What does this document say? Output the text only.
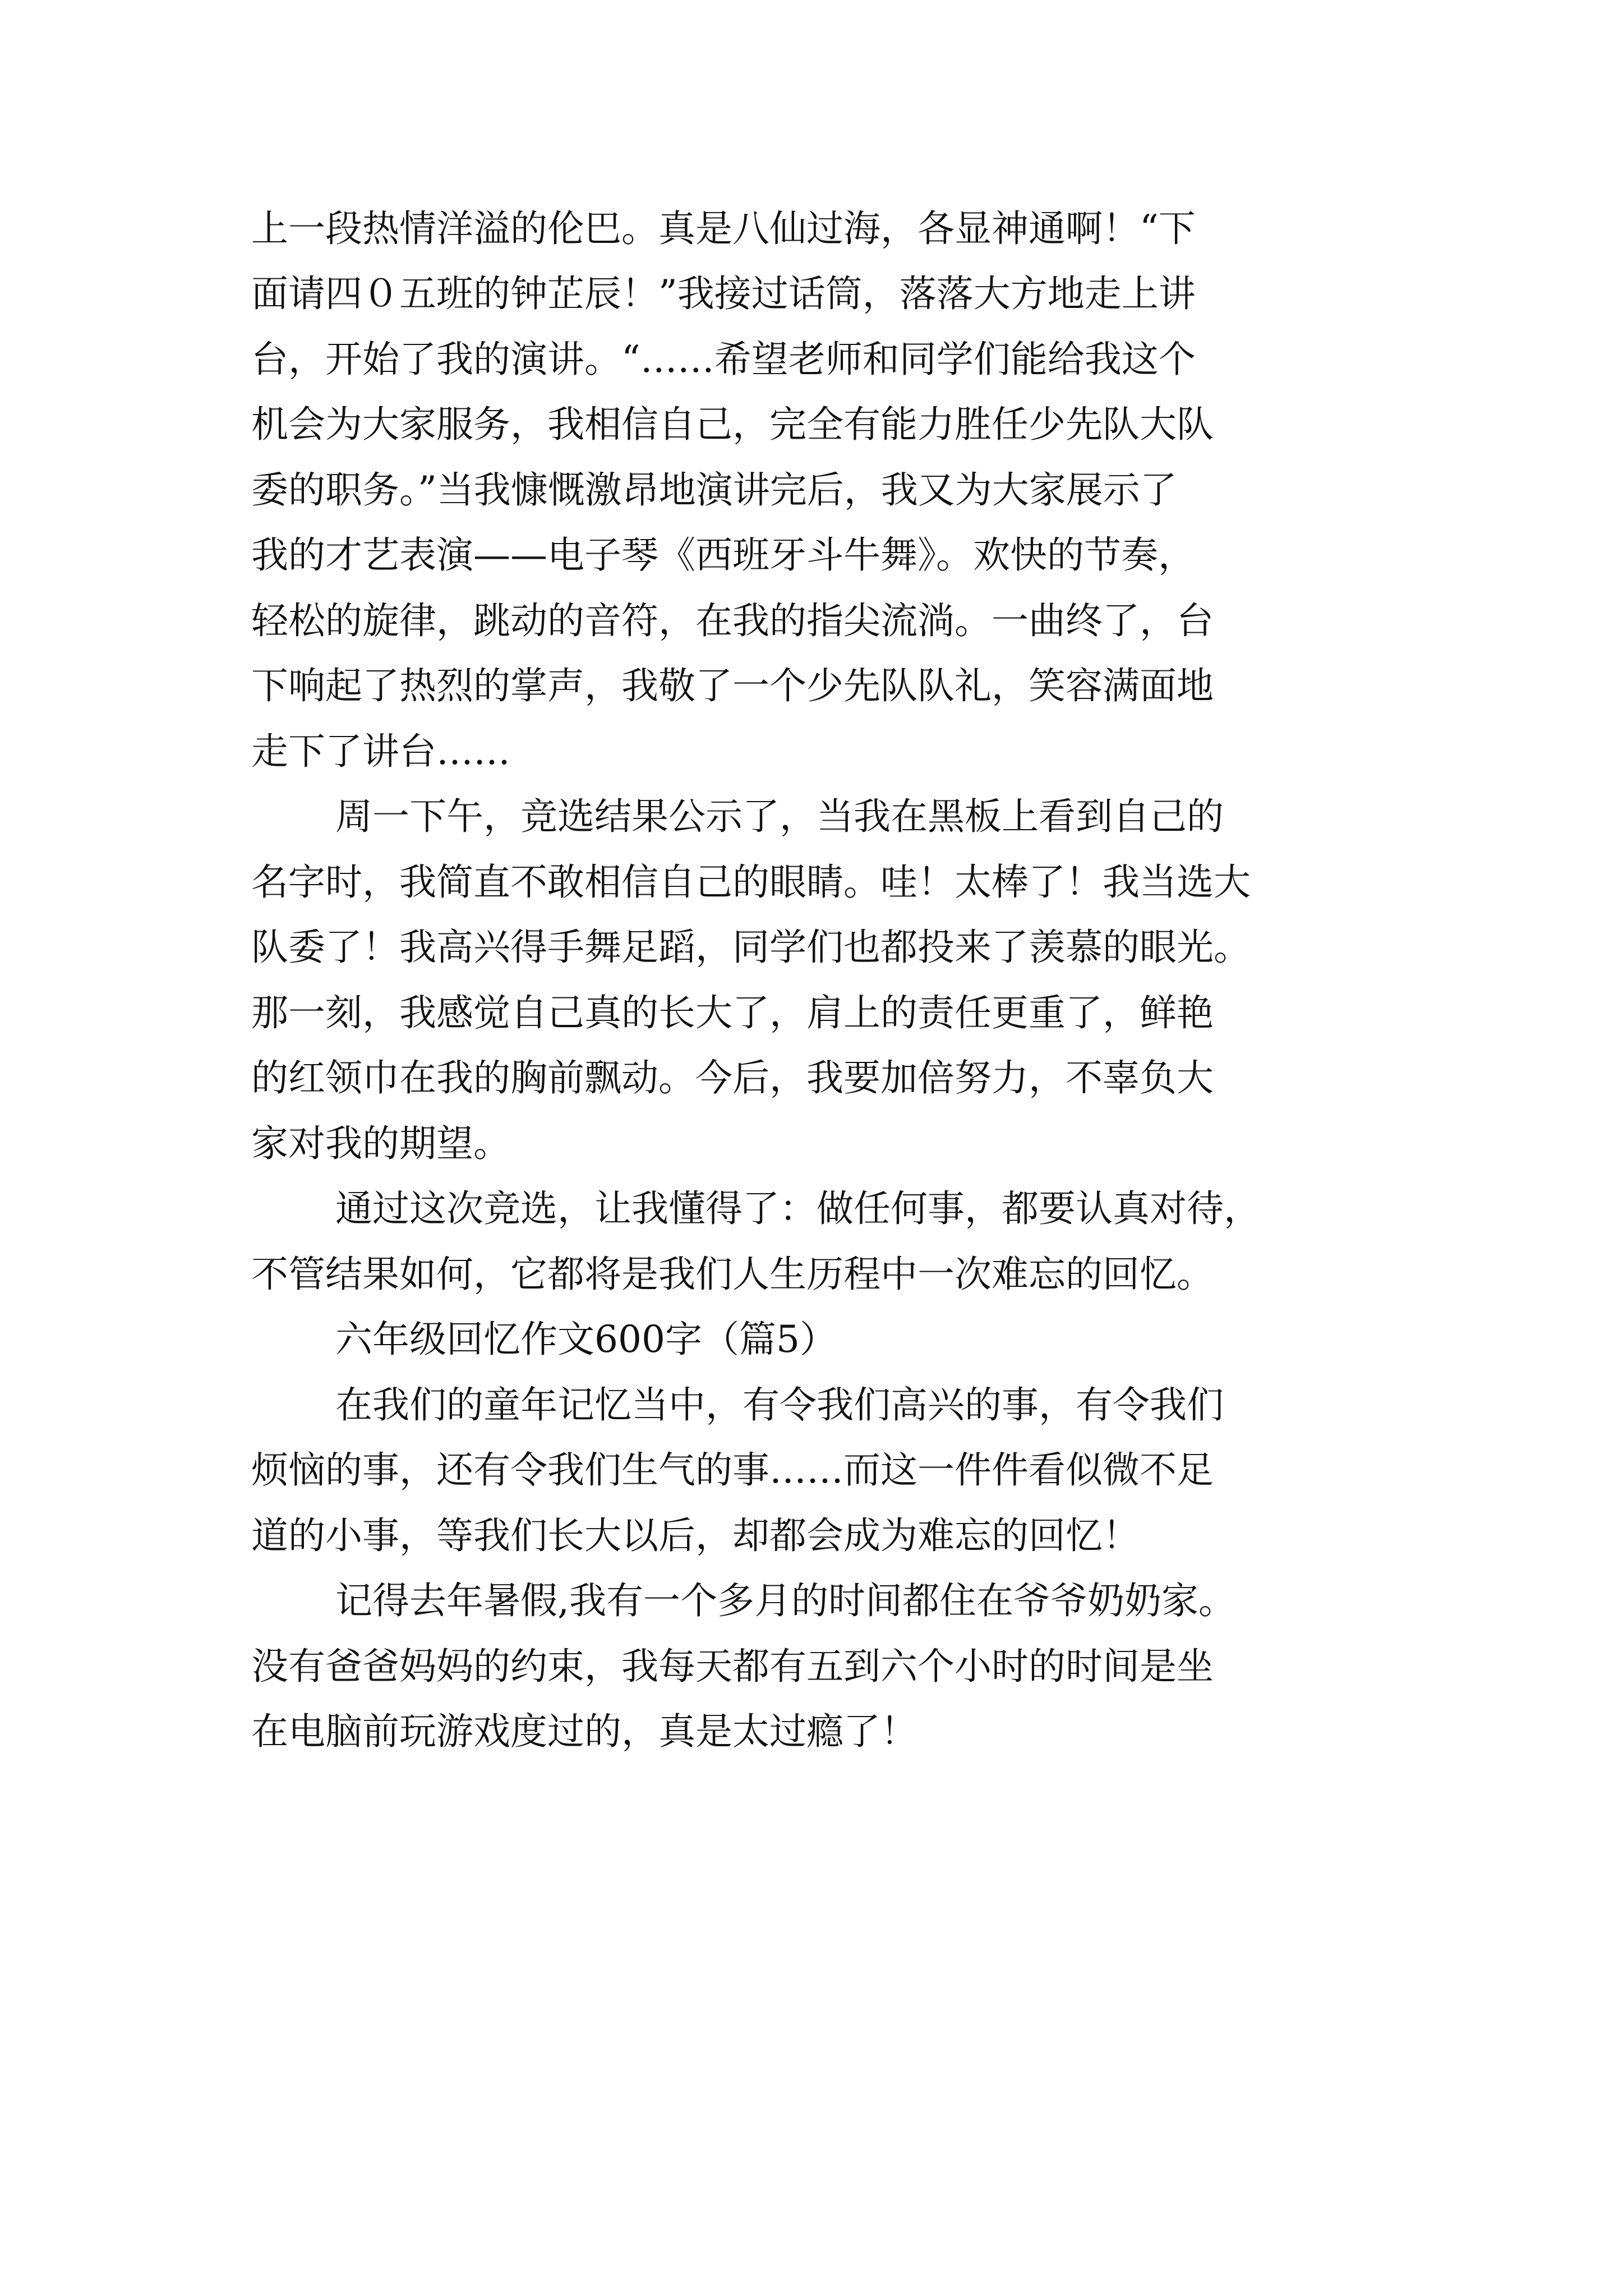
上一段热情洋溢的伦巴。真是八仙过海，各显神通啊！“下
面请四０五班的钟芷辰！”我接过话筒，落落大方地走上讲
台，开始了我的演讲。“……希望老师和同学们能给我这个
机会为大家服务，我相信自己，完全有能力胜任少先队大队
委的职务。”当我慷慨激昂地演讲完后，我又为大家展示了
我的才艺表演——电子琴《西班牙斗牛舞》。欢快的节奏，
轻松的旋律，跳动的音符，在我的指尖流淌。一曲终了，台
下响起了热烈的掌声，我敬了一个少先队队礼，笑容满面地
走下了讲台……
周一下午，竞选结果公示了，当我在黑板上看到自己的
名字时，我简直不敢相信自己的眼睛。哇！太棒了！我当选大
队委了！我高兴得手舞足蹈，同学们也都投来了羡慕的眼光。
那一刻，我感觉自己真的长大了，肩上的责任更重了，鲜艳
的红领巾在我的胸前飘动。今后，我要加倍努力，不辜负大
家对我的期望。
通过这次竞选，让我懂得了：做任何事，都要认真对待，
不管结果如何，它都将是我们人生历程中一次难忘的回忆。
六年级回忆作文600字（篇5）
在我们的童年记忆当中，有令我们高兴的事，有令我们
烦恼的事，还有令我们生气的事……而这一件件看似微不足
道的小事，等我们长大以后，却都会成为难忘的回忆！
记得去年暑假,我有一个多月的时间都住在爷爷奶奶家。
没有爸爸妈妈的约束，我每天都有五到六个小时的时间是坐
在电脑前玩游戏度过的，真是太过瘾了！
